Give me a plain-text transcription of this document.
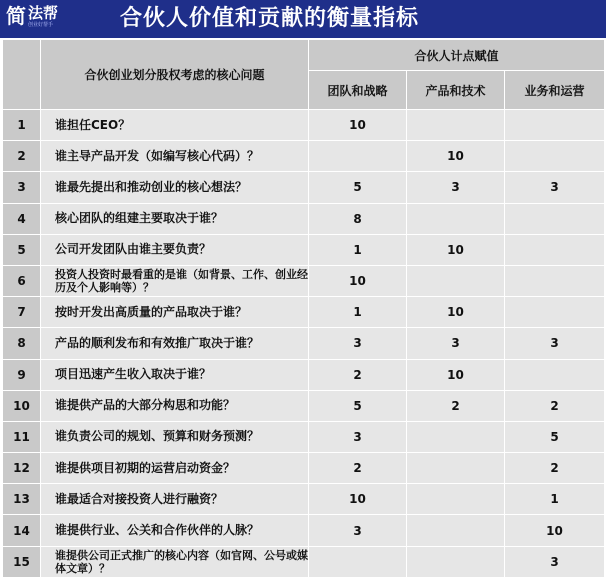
简 法帮
创业好帮手	合伙人价值和贡献的衡量指标
	合伙创业划分股权考虑的核心问题	合伙人计点赋值		
		团队和战略	产品和技术	业务和运营
1	谁担任CEO？	10		
2	谁主导产品开发（如编写核心代码）？		10	
3	谁最先提出和推动创业的核心想法？	5	3	3
4	核心团队的组建主要取决于谁？	8		
5	公司开发团队由谁主要负责？	1	10	
6	投资人投资时最看重的是谁（如背景、工作、创业经历及个人影响等）？	10		
7	按时开发出高质量的产品取决于谁？	1	10	
8	产品的顺利发布和有效推广取决于谁？	3	3	3
9	项目迅速产生收入取决于谁？	2	10	
10	谁提供产品的大部分构思和功能？	5	2	2
11	谁负责公司的规划、预算和财务预测？	3		5
12	谁提供项目初期的运营启动资金？	2		2
13	谁最适合对接投资人进行融资？	10		1
14	谁提供行业、公关和合作伙伴的人脉？	3		10
15	谁提供公司正式推广的核心内容（如官网、公号或媒体文章）？			3
